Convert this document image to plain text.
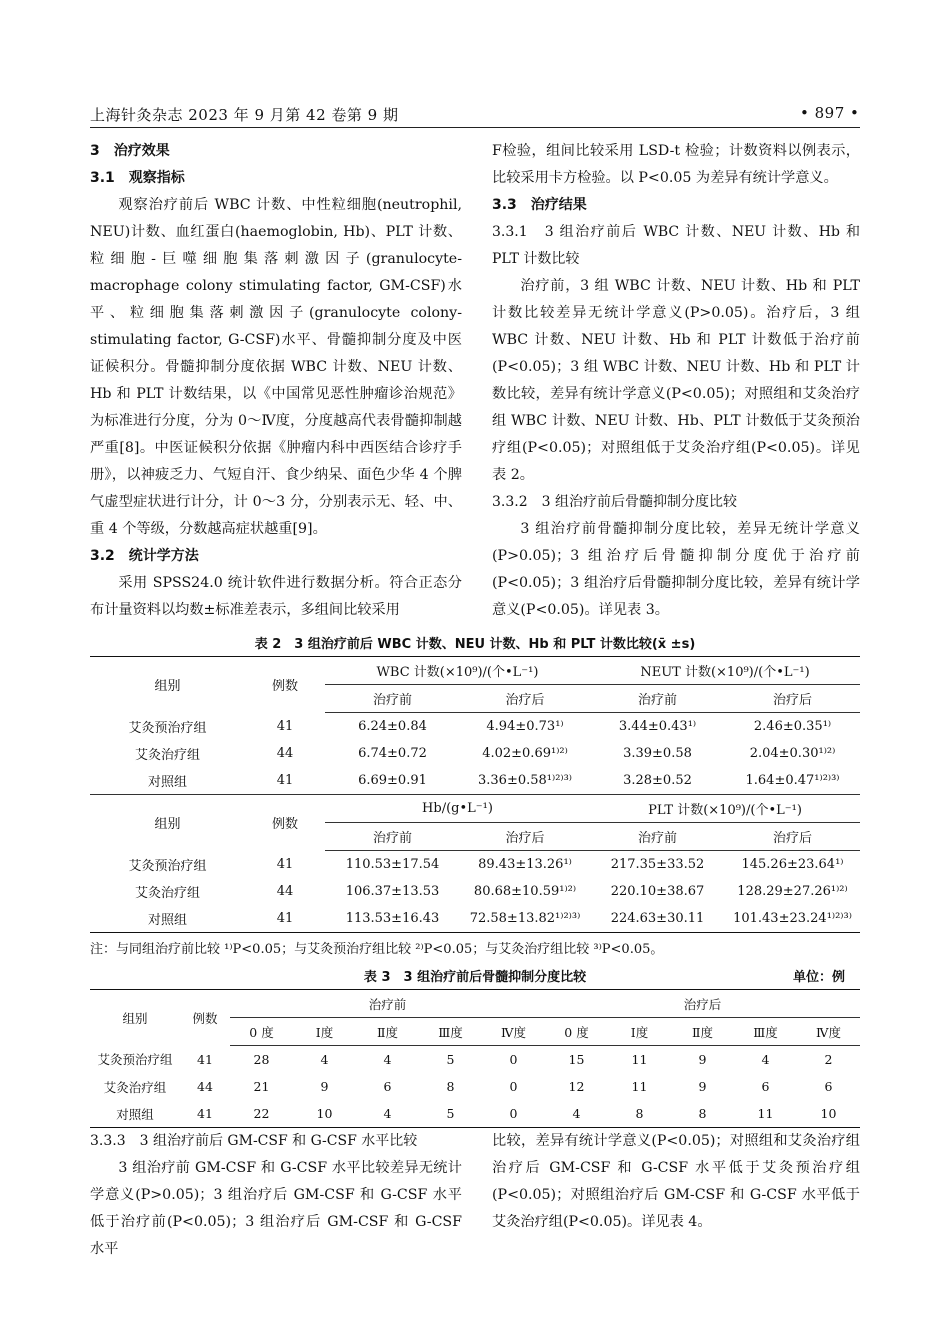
上海针灸杂志 2023 年 9 月第 42 卷第 9 期	• 897 •

3　治疗效果

3.1　观察指标

观察治疗前后 WBC 计数、中性粒细胞(neutrophil, NEU)计数、血红蛋白(haemoglobin, Hb)、PLT 计数、粒细胞-巨噬细胞集落刺激因子(granulocyte-macrophage colony stimulating factor, GM-CSF)水平、粒细胞集落刺激因子(granulocyte colony-stimulating factor, G-CSF)水平、骨髓抑制分度及中医证候积分。骨髓抑制分度依据 WBC 计数、NEU 计数、Hb 和 PLT 计数结果，以《中国常见恶性肿瘤诊治规范》为标准进行分度，分为 0～Ⅳ度，分度越高代表骨髓抑制越严重[8]。中医证候积分依据《肿瘤内科中西医结合诊疗手册》，以神疲乏力、气短自汗、食少纳呆、面色少华 4 个脾气虚型症状进行计分，计 0～3 分，分别表示无、轻、中、重 4 个等级，分数越高症状越重[9]。

3.2　统计学方法

采用 SPSS24.0 统计软件进行数据分析。符合正态分布计量资料以均数±标准差表示，多组间比较采用

F检验，组间比较采用 LSD-t 检验；计数资料以例表示，比较采用卡方检验。以 P<0.05 为差异有统计学意义。

3.3　治疗结果

3.3.1　3 组治疗前后 WBC 计数、NEU 计数、Hb 和 PLT 计数比较

治疗前，3 组 WBC 计数、NEU 计数、Hb 和 PLT 计数比较差异无统计学意义(P>0.05)。治疗后，3 组 WBC 计数、NEU 计数、Hb 和 PLT 计数低于治疗前(P<0.05)；3 组 WBC 计数、NEU 计数、Hb 和 PLT 计数比较，差异有统计学意义(P<0.05)；对照组和艾灸治疗组 WBC 计数、NEU 计数、Hb、PLT 计数低于艾灸预治疗组(P<0.05)；对照组低于艾灸治疗组(P<0.05)。详见表 2。

3.3.2　3 组治疗前后骨髓抑制分度比较

3 组治疗前骨髓抑制分度比较，差异无统计学意义(P>0.05)；3 组治疗后骨髓抑制分度优于治疗前(P<0.05)；3 组治疗后骨髓抑制分度比较，差异有统计学意义(P<0.05)。详见表 3。

表 2　3 组治疗前后 WBC 计数、NEU 计数、Hb 和 PLT 计数比较(x̄ ±s)
组别	例数	WBC 计数(×10⁹)/(个•L⁻¹)		NEUT 计数(×10⁹)/(个•L⁻¹)	
		治疗前	治疗后	治疗前	治疗后
艾灸预治疗组	41	6.24±0.84	4.94±0.73¹⁾	3.44±0.43¹⁾	2.46±0.35¹⁾
艾灸治疗组	44	6.74±0.72	4.02±0.69¹⁾²⁾	3.39±0.58	2.04±0.30¹⁾²⁾
对照组	41	6.69±0.91	3.36±0.58¹⁾²⁾³⁾	3.28±0.52	1.64±0.47¹⁾²⁾³⁾
组别	例数	Hb/(g•L⁻¹)		PLT 计数(×10⁹)/(个•L⁻¹)	
		治疗前	治疗后	治疗前	治疗后
艾灸预治疗组	41	110.53±17.54	89.43±13.26¹⁾	217.35±33.52	145.26±23.64¹⁾
艾灸治疗组	44	106.37±13.53	80.68±10.59¹⁾²⁾	220.10±38.67	128.29±27.26¹⁾²⁾
对照组	41	113.53±16.43	72.58±13.82¹⁾²⁾³⁾	224.63±30.11	101.43±23.24¹⁾²⁾³⁾
注：与同组治疗前比较 ¹⁾P<0.05；与艾灸预治疗组比较 ²⁾P<0.05；与艾灸治疗组比较 ³⁾P<0.05。
表 3　3 组治疗前后骨髓抑制分度比较	单位：例
组别	例数	治疗前					治疗后				
		0 度	Ⅰ度	Ⅱ度	Ⅲ度	Ⅳ度	0 度	Ⅰ度	Ⅱ度	Ⅲ度	Ⅳ度
艾灸预治疗组	41	28	4	4	5	0	15	11	9	4	2
艾灸治疗组	44	21	9	6	8	0	12	11	9	6	6
对照组	41	22	10	4	5	0	4	8	8	11	10

3.3.3　3 组治疗前后 GM-CSF 和 G-CSF 水平比较

3 组治疗前 GM-CSF 和 G-CSF 水平比较差异无统计学意义(P>0.05)；3 组治疗后 GM-CSF 和 G-CSF 水平低于治疗前(P<0.05)；3 组治疗后 GM-CSF 和 G-CSF 水平

比较，差异有统计学意义(P<0.05)；对照组和艾灸治疗组治疗后 GM-CSF 和 G-CSF 水平低于艾灸预治疗组(P<0.05)；对照组治疗后 GM-CSF 和 G-CSF 水平低于艾灸治疗组(P<0.05)。详见表 4。
